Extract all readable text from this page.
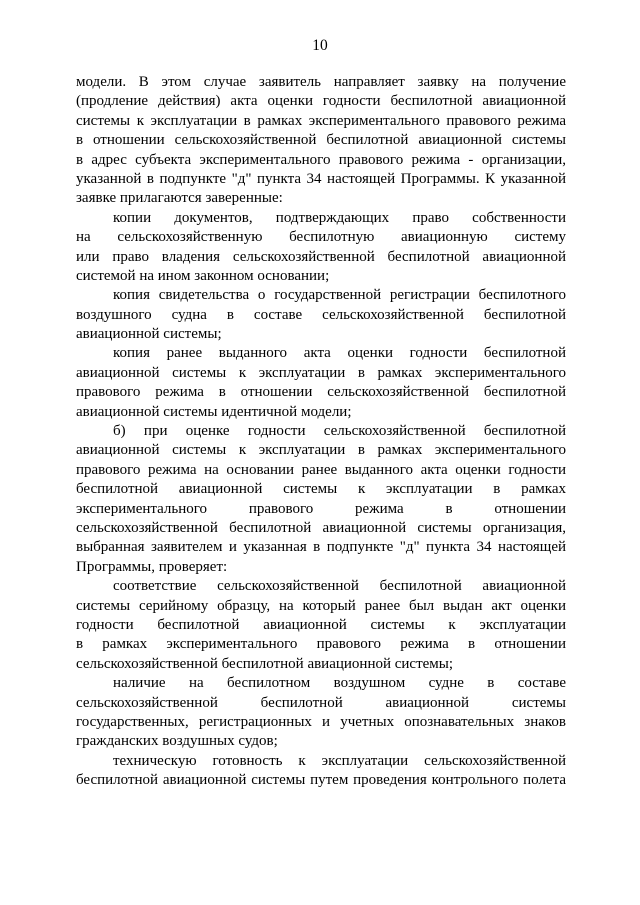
10
модели. В этом случае заявитель направляет заявку на получение
(продление действия) акта оценки годности беспилотной авиационной
системы к эксплуатации в рамках экспериментального правового режима
в отношении сельскохозяйственной беспилотной авиационной системы
в адрес субъекта экспериментального правового режима - организации,
указанной в подпункте "д" пункта 34 настоящей Программы. К указанной
заявке прилагаются заверенные:
копии документов, подтверждающих право собственности
на сельскохозяйственную беспилотную авиационную систему
или право владения сельскохозяйственной беспилотной авиационной
системой на ином законном основании;
копия свидетельства о государственной регистрации беспилотного
воздушного судна в составе сельскохозяйственной беспилотной
авиационной системы;
копия ранее выданного акта оценки годности беспилотной
авиационной системы к эксплуатации в рамках экспериментального
правового режима в отношении сельскохозяйственной беспилотной
авиационной системы идентичной модели;
б) при оценке годности сельскохозяйственной беспилотной
авиационной системы к эксплуатации в рамках экспериментального
правового режима на основании ранее выданного акта оценки годности
беспилотной авиационной системы к эксплуатации в рамках
экспериментального правового режима в отношении
сельскохозяйственной беспилотной авиационной системы организация,
выбранная заявителем и указанная в подпункте "д" пункта 34 настоящей
Программы, проверяет:
соответствие сельскохозяйственной беспилотной авиационной
системы серийному образцу, на который ранее был выдан акт оценки
годности беспилотной авиационной системы к эксплуатации
в рамках экспериментального правового режима в отношении
сельскохозяйственной беспилотной авиационной системы;
наличие на беспилотном воздушном судне в составе
сельскохозяйственной беспилотной авиационной системы
государственных, регистрационных и учетных опознавательных знаков
гражданских воздушных судов;
техническую готовность к эксплуатации сельскохозяйственной
беспилотной авиационной системы путем проведения контрольного полета
